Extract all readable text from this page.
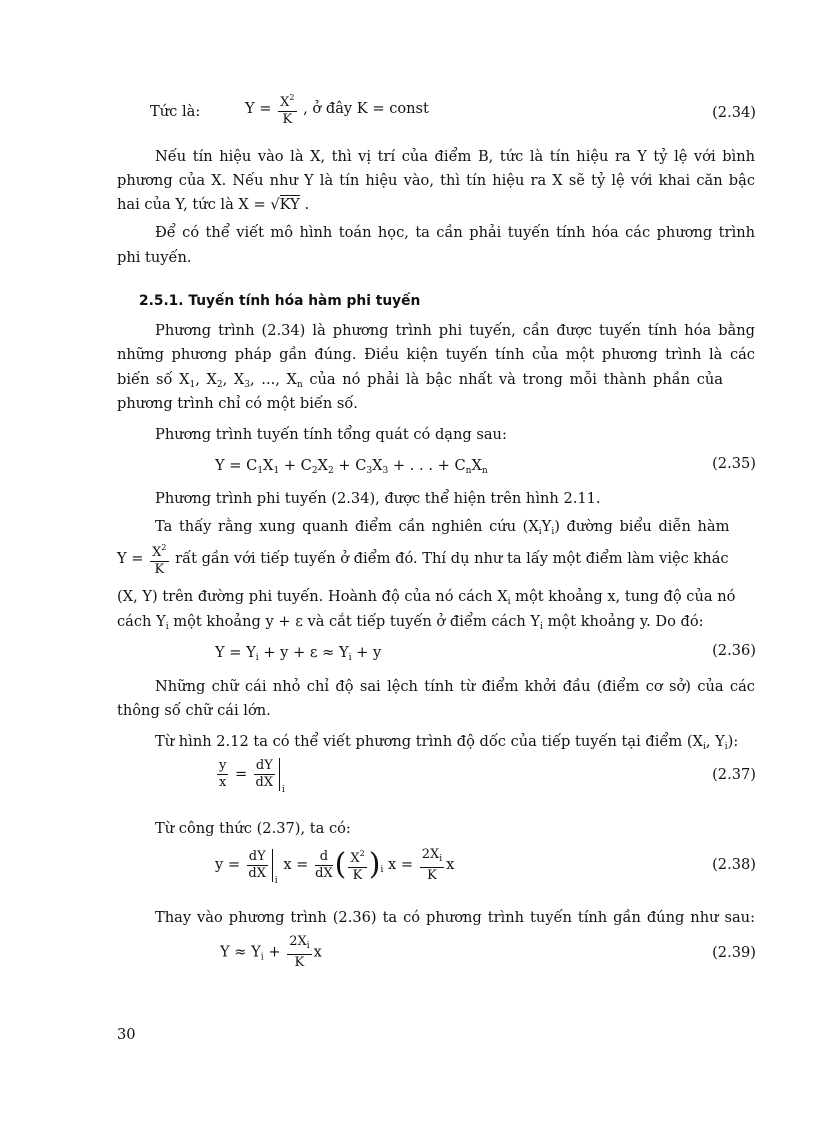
Tức là:	$Y = \frac{X^2}{K}$ , ở đây K = const	(2.34)
Nếu tín hiệu vào là X, thì vị trí của điểm B, tức là tín hiệu ra Y tỷ lệ với bình
phương của X. Nếu như Y là tín hiệu vào, thì tín hiệu ra X sẽ tỷ lệ với khai căn bậc
hai của Y, tức là X = √KY .
Để có thể viết mô hình toán học, ta cần phải tuyến tính hóa các phương trình
phi tuyến.
2.5.1. Tuyến tính hóa hàm phi tuyến
Phương trình (2.34) là phương trình phi tuyến, cần được tuyến tính hóa bằng
những phương pháp gần đúng. Điều kiện tuyến tính của một phương trình là các
biến số $X_1$, $X_2$, $X_3$, ..., $X_n$ của nó phải là bậc nhất và trong mỗi thành phần của
phương trình chỉ có một biến số.
Phương trình tuyến tính tổng quát có dạng sau:
$Y = C_1X_1 + C_2X_2 + C_3X_3$ + . . . + $C_nX_n$	(2.35)
Phương trình phi tuyến (2.34), được thể hiện trên hình 2.11.
Ta thấy rằng xung quanh điểm cần nghiên cứu $(X_iY_i)$ đường biểu diễn hàm
$Y = \frac{X^2}{K}$ rất gần với tiếp tuyến ở điểm đó. Thí dụ như ta lấy một điểm làm việc khác
(X, Y) trên đường phi tuyến. Hoành độ của nó cách $X_i$ một khoảng x, tung độ của nó
cách $Y_i$ một khoảng y + ε và cắt tiếp tuyến ở điểm cách $Y_i$ một khoảng y. Do đó:
$Y = Y_i + y + \varepsilon \approx Y_i + y$	(2.36)
Những chữ cái nhỏ chỉ độ sai lệch tính từ điểm khởi đầu (điểm cơ sở) của các
thông số chữ cái lớn.
Từ hình 2.12 ta có thể viết phương trình độ dốc của tiếp tuyến tại điểm ($X_i$, $Y_i$):
$\frac{y}{x} = \frac{dY}{dX}$ i
(2.37)
Từ công thức (2.37), ta có:
$y = \frac{dY}{dX}$ i
$x = \frac{d}{dX}$ ( $\frac{X^2}{K} )_i$ $x = \frac{2X_i}{K}$ x	(2.38)
Thay vào phương trình (2.36) ta có phương trình tuyến tính gần đúng như sau:
$Y \approx Y_i + \frac{2X_i}{K}$ x	(2.39)
30
